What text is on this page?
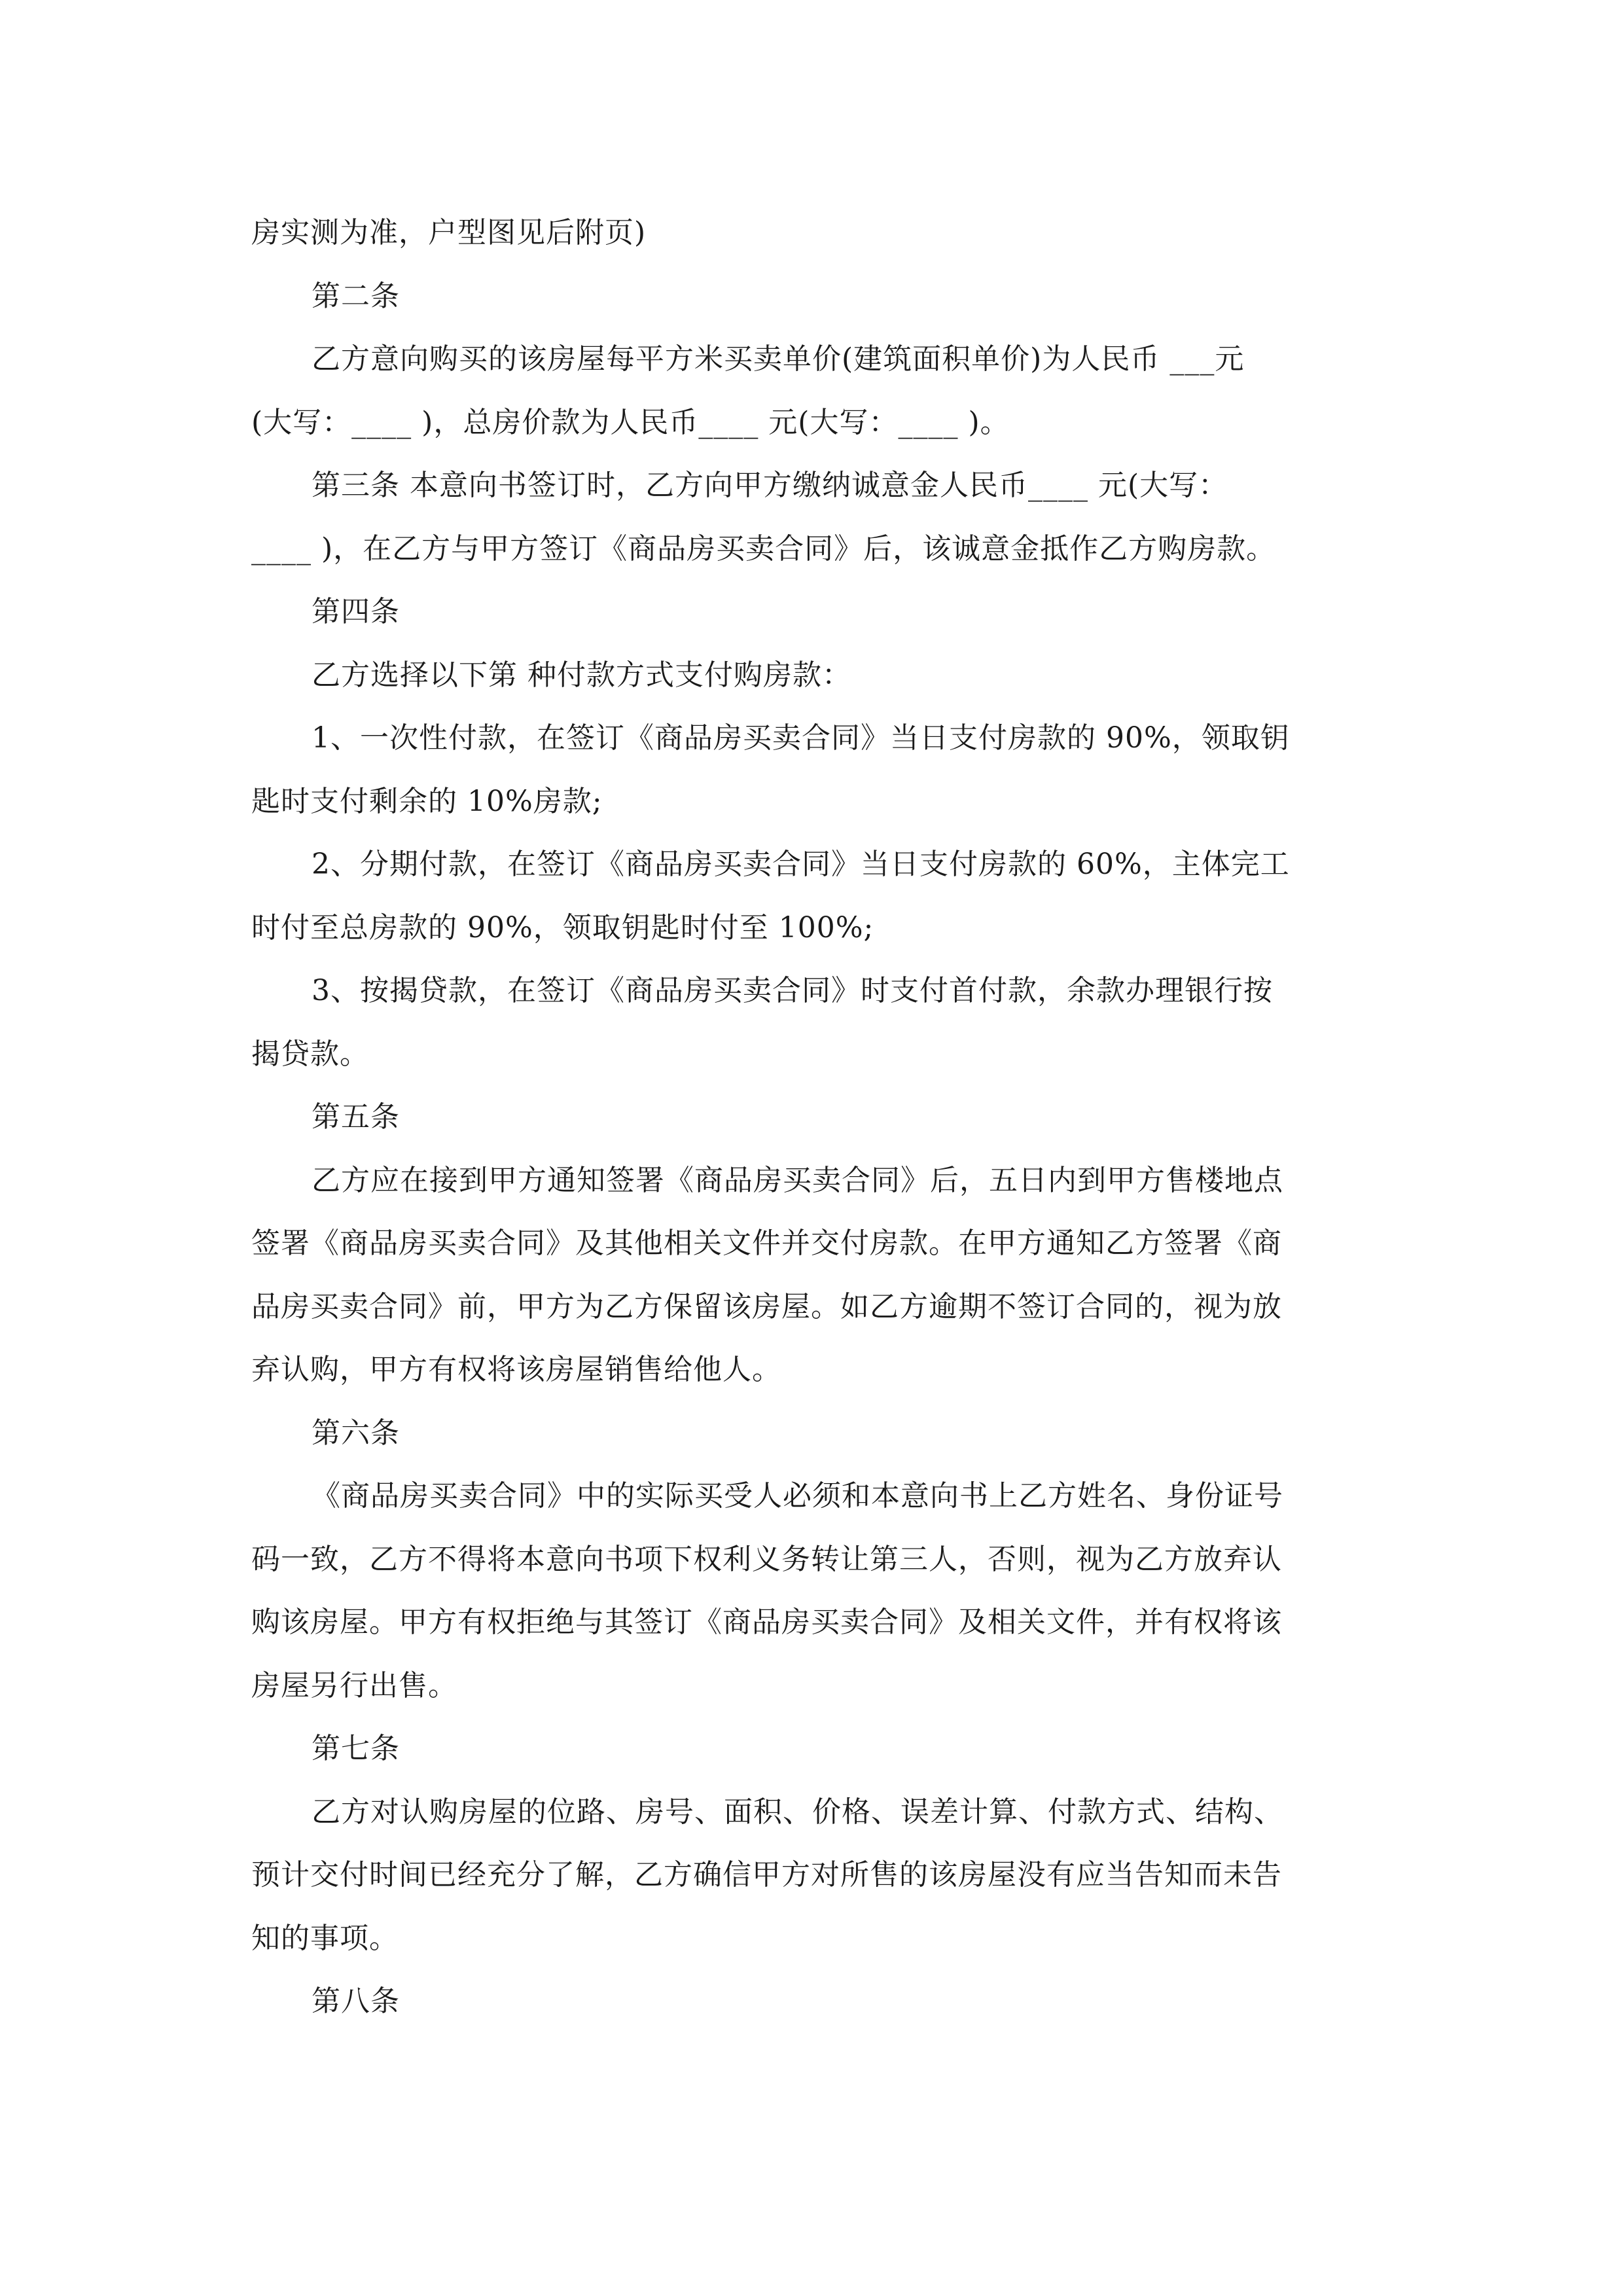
房实测为准，户型图见后附页)
第二条
乙方意向购买的该房屋每平方米买卖单价(建筑面积单价)为人民币 ___元
(大写：____ )，总房价款为人民币____ 元(大写：____ )。
第三条 本意向书签订时，乙方向甲方缴纳诚意金人民币____ 元(大写：
____ )，在乙方与甲方签订《商品房买卖合同》后，该诚意金抵作乙方购房款。
第四条
乙方选择以下第 种付款方式支付购房款：
1、一次性付款，在签订《商品房买卖合同》当日支付房款的 90%，领取钥
匙时支付剩余的 10%房款;
2、分期付款，在签订《商品房买卖合同》当日支付房款的 60%，主体完工
时付至总房款的 90%，领取钥匙时付至 100%;
3、按揭贷款，在签订《商品房买卖合同》时支付首付款，余款办理银行按
揭贷款。
第五条
乙方应在接到甲方通知签署《商品房买卖合同》后，五日内到甲方售楼地点
签署《商品房买卖合同》及其他相关文件并交付房款。在甲方通知乙方签署《商
品房买卖合同》前，甲方为乙方保留该房屋。如乙方逾期不签订合同的，视为放
弃认购，甲方有权将该房屋销售给他人。
第六条
《商品房买卖合同》中的实际买受人必须和本意向书上乙方姓名、身份证号
码一致，乙方不得将本意向书项下权利义务转让第三人，否则，视为乙方放弃认
购该房屋。甲方有权拒绝与其签订《商品房买卖合同》及相关文件，并有权将该
房屋另行出售。
第七条
乙方对认购房屋的位路、房号、面积、价格、误差计算、付款方式、结构、
预计交付时间已经充分了解，乙方确信甲方对所售的该房屋没有应当告知而未告
知的事项。
第八条
